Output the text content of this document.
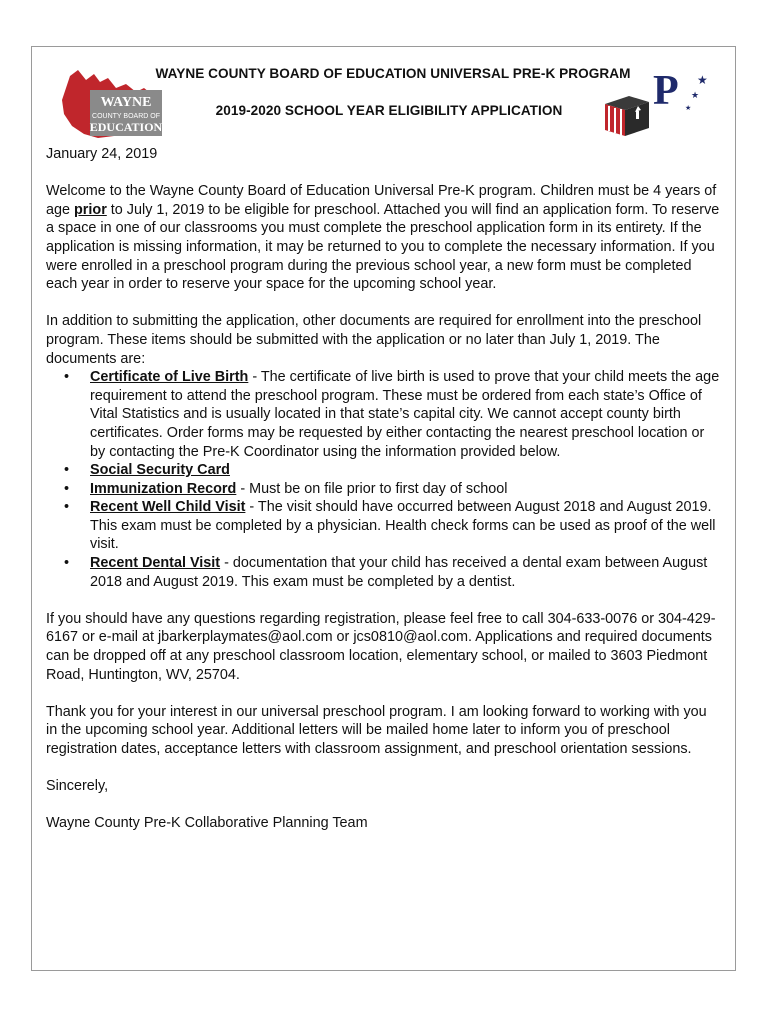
WAYNE
COUNTY BOARD OF
EDUCATION
P ★
★
★
WAYNE COUNTY BOARD OF EDUCATION UNIVERSAL PRE-K PROGRAM
2019-2020 SCHOOL YEAR ELIGIBILITY APPLICATION

January 24, 2019

Welcome to the Wayne County Board of Education Universal Pre-K program. Children must be 4 years of age prior to July 1, 2019 to be eligible for preschool. Attached you will find an application form. To reserve a space in one of our classrooms you must complete the preschool application form in its entirety. If the application is missing information, it may be returned to you to complete the necessary information. If you were enrolled in a preschool program during the previous school year, a new form must be completed each year in order to reserve your space for the upcoming school year.

In addition to submitting the application, other documents are required for enrollment into the preschool program. These items should be submitted with the application or no later than July 1, 2019. The documents are:

• Certificate of Live Birth - The certificate of live birth is used to prove that your child meets the age requirement to attend the preschool program. These must be ordered from each state’s Office of Vital Statistics and is usually located in that state’s capital city. We cannot accept county birth certificates. Order forms may be requested by either contacting the nearest preschool location or by contacting the Pre-K Coordinator using the information provided below.
• Social Security Card
• Immunization Record - Must be on file prior to first day of school
• Recent Well Child Visit - The visit should have occurred between August 2018 and August 2019. This exam must be completed by a physician. Health check forms can be used as proof of the well visit.
• Recent Dental Visit - documentation that your child has received a dental exam between August 2018 and August 2019. This exam must be completed by a dentist.

If you should have any questions regarding registration, please feel free to call 304-633-0076 or 304-429-6167 or e-mail at jbarkerplaymates@aol.com or jcs0810@aol.com. Applications and required documents can be dropped off at any preschool classroom location, elementary school, or mailed to 3603 Piedmont Road, Huntington, WV, 25704.

Thank you for your interest in our universal preschool program. I am looking forward to working with you in the upcoming school year. Additional letters will be mailed home later to inform you of preschool registration dates, acceptance letters with classroom assignment, and preschool orientation sessions.

Sincerely,

Wayne County Pre-K Collaborative Planning Team
